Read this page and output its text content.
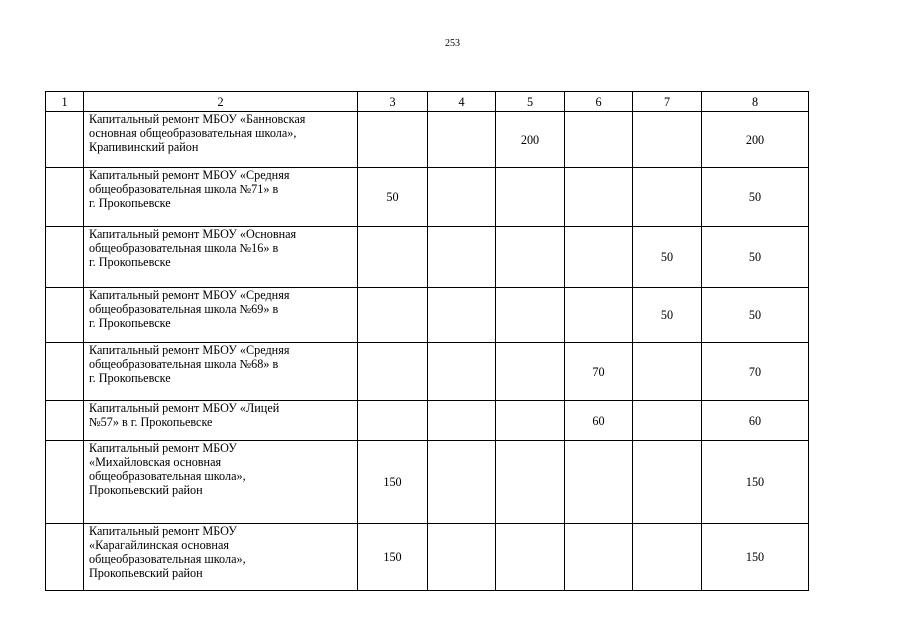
253
1	2	3	4	5	6	7	8

	Капитальный ремонт МБОУ «Банновская
основная общеобразовательная школа»,
Крапивинский район			200			200

	Капитальный ремонт МБОУ «Средняя
общеобразовательная школа №71» в
г. Прокопьевске	50					50

	Капитальный ремонт МБОУ «Основная
общеобразовательная школа №16» в
г. Прокопьевске					50	50

	Капитальный ремонт МБОУ «Средняя
общеобразовательная школа №69» в
г. Прокопьевске					50	50

	Капитальный ремонт МБОУ «Средняя
общеобразовательная школа №68» в
г. Прокопьевске				70		70

	Капитальный ремонт МБОУ «Лицей
№57» в г. Прокопьевске				60		60

	Капитальный ремонт МБОУ
«Михайловская основная
общеобразовательная школа»,
Прокопьевский район	150					150

	Капитальный ремонт МБОУ
«Карагайлинская основная
общеобразовательная школа»,
Прокопьевский район	150					150
